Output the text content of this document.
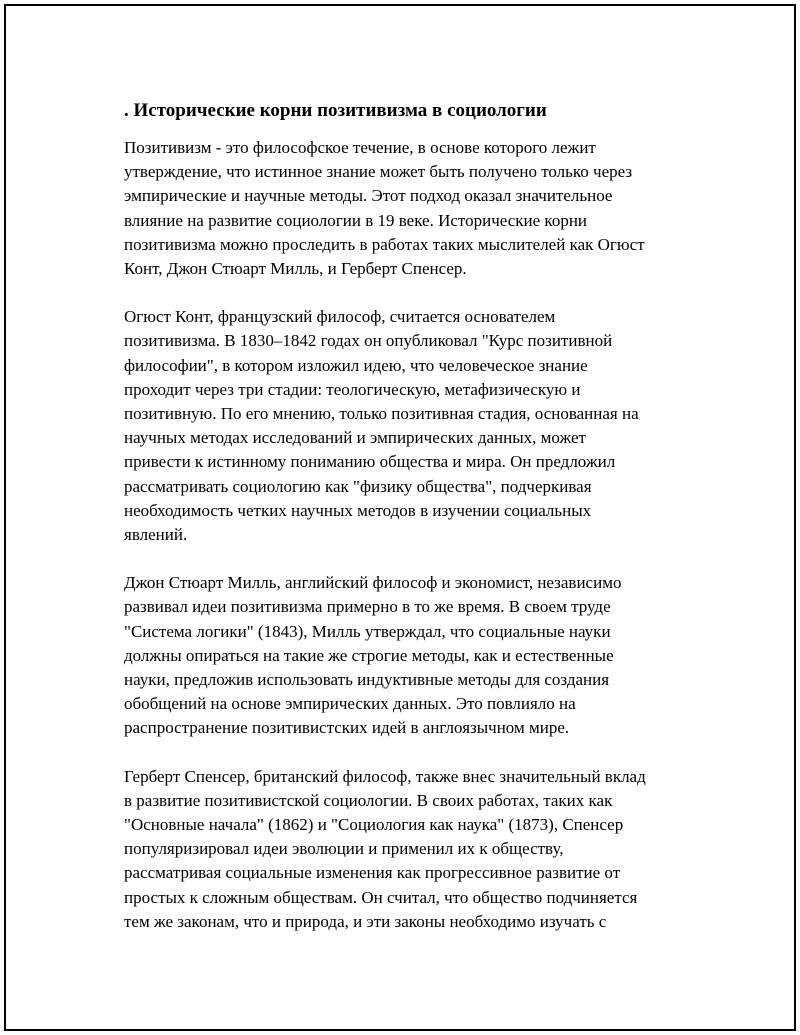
. Исторические корни позитивизма в социологии
Позитивизм - это философское течение, в основе которого лежит
утверждение, что истинное знание может быть получено только через
эмпирические и научные методы. Этот подход оказал значительное
влияние на развитие социологии в 19 веке. Исторические корни
позитивизма можно проследить в работах таких мыслителей как Огюст
Конт, Джон Стюарт Милль, и Герберт Спенсер.
Огюст Конт, французский философ, считается основателем
позитивизма. В 1830–1842 годах он опубликовал "Курс позитивной
философии", в котором изложил идею, что человеческое знание
проходит через три стадии: теологическую, метафизическую и
позитивную. По его мнению, только позитивная стадия, основанная на
научных методах исследований и эмпирических данных, может
привести к истинному пониманию общества и мира. Он предложил
рассматривать социологию как "физику общества", подчеркивая
необходимость четких научных методов в изучении социальных
явлений.
Джон Стюарт Милль, английский философ и экономист, независимо
развивал идеи позитивизма примерно в то же время. В своем труде
"Система логики" (1843), Милль утверждал, что социальные науки
должны опираться на такие же строгие методы, как и естественные
науки, предложив использовать индуктивные методы для создания
обобщений на основе эмпирических данных. Это повлияло на
распространение позитивистских идей в англоязычном мире.
Герберт Спенсер, британский философ, также внес значительный вклад
в развитие позитивистской социологии. В своих работах, таких как
"Основные начала" (1862) и "Социология как наука" (1873), Спенсер
популяризировал идеи эволюции и применил их к обществу,
рассматривая социальные изменения как прогрессивное развитие от
простых к сложным обществам. Он считал, что общество подчиняется
тем же законам, что и природа, и эти законы необходимо изучать с
